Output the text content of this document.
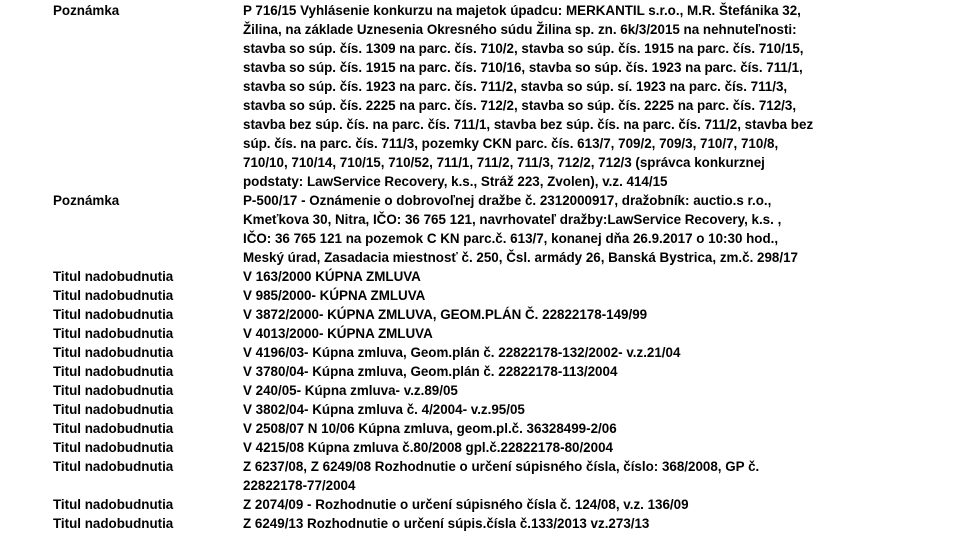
Poznámka	P 716/15 Vyhlásenie konkurzu na majetok úpadcu: MERKANTIL s.r.o., M.R. Štefánika 32,
Žilina, na základe Uznesenia Okresného súdu Žilina sp. zn. 6k/3/2015 na nehnuteľnosti:
stavba so súp. čís. 1309 na parc. čís. 710/2, stavba so súp. čís. 1915 na parc. čís. 710/15,
stavba so súp. čís. 1915 na parc. čís. 710/16, stavba so súp. čís. 1923 na parc. čís. 711/1,
stavba so súp. čís. 1923 na parc. čís. 711/2, stavba so súp. sí. 1923 na parc. čís. 711/3,
stavba so súp. čís. 2225 na parc. čís. 712/2, stavba so súp. čís. 2225 na parc. čís. 712/3,
stavba bez súp. čís. na parc. čís. 711/1, stavba bez súp. čís. na parc. čís. 711/2, stavba bez
súp. čís. na parc. čís. 711/3, pozemky CKN parc. čís. 613/7, 709/2, 709/3, 710/7, 710/8,
710/10, 710/14, 710/15, 710/52, 711/1, 711/2, 711/3, 712/2, 712/3 (správca konkurznej
podstaty: LawService Recovery, k.s., Stráž 223, Zvolen), v.z. 414/15
Poznámka	P-500/17 - Oznámenie o dobrovoľnej dražbe č. 2312000917, dražobník: auctio.s r.o.,
Kmeťkova 30, Nitra, IČO: 36 765 121, navrhovateľ dražby:LawService Recovery, k.s. ,
IČO: 36 765 121 na pozemok C KN parc.č. 613/7, konanej dňa 26.9.2017 o 10:30 hod.,
Meský úrad, Zasadacia miestnosť č. 250, Čsl. armády 26, Banská Bystrica, zm.č. 298/17
Titul nadobudnutia	V 163/2000 KÚPNA ZMLUVA
Titul nadobudnutia	V 985/2000- KÚPNA ZMLUVA
Titul nadobudnutia	V 3872/2000- KÚPNA ZMLUVA, GEOM.PLÁN Č. 22822178-149/99
Titul nadobudnutia	V 4013/2000- KÚPNA ZMLUVA
Titul nadobudnutia	V 4196/03- Kúpna zmluva, Geom.plán č. 22822178-132/2002- v.z.21/04
Titul nadobudnutia	V 3780/04- Kúpna zmluva, Geom.plán č. 22822178-113/2004
Titul nadobudnutia	V 240/05- Kúpna zmluva- v.z.89/05
Titul nadobudnutia	V 3802/04- Kúpna zmluva č. 4/2004- v.z.95/05
Titul nadobudnutia	V 2508/07 N 10/06 Kúpna zmluva, geom.pl.č. 36328499-2/06
Titul nadobudnutia	V 4215/08 Kúpna zmluva č.80/2008 gpl.č.22822178-80/2004
Titul nadobudnutia	Z 6237/08, Z 6249/08 Rozhodnutie o určení súpisného čísla, číslo: 368/2008, GP č.
22822178-77/2004
Titul nadobudnutia	Z 2074/09 - Rozhodnutie o určení súpisného čísla č. 124/08, v.z. 136/09
Titul nadobudnutia	Z 6249/13 Rozhodnutie o určení súpis.čísla č.133/2013 vz.273/13
